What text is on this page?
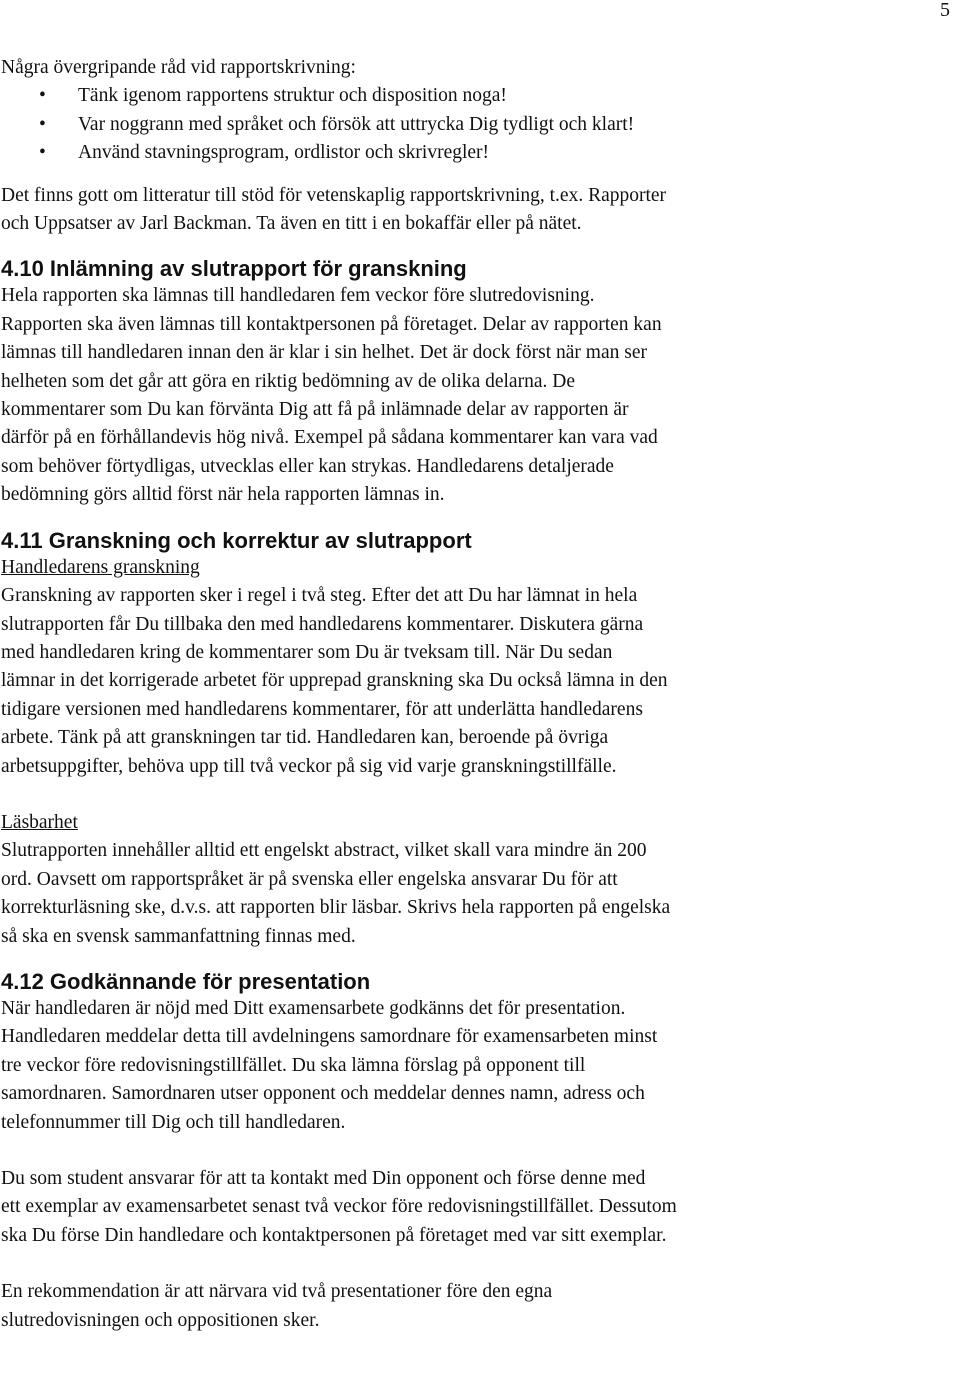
5

Några övergripande råd vid rapportskrivning:

• Tänk igenom rapportens struktur och disposition noga!
• Var noggrann med språket och försök att uttrycka Dig tydligt och klart!
• Använd stavningsprogram, ordlistor och skrivregler!

Det finns gott om litteratur till stöd för vetenskaplig rapportskrivning, t.ex. Rapporter

och Uppsatser av Jarl Backman. Ta även en titt i en bokaffär eller på nätet.

4.10 Inlämning av slutrapport för granskning

Hela rapporten ska lämnas till handledaren fem veckor före slutredovisning.

Rapporten ska även lämnas till kontaktpersonen på företaget. Delar av rapporten kan

lämnas till handledaren innan den är klar i sin helhet. Det är dock först när man ser

helheten som det går att göra en riktig bedömning av de olika delarna. De

kommentarer som Du kan förvänta Dig att få på inlämnade delar av rapporten är

därför på en förhållandevis hög nivå. Exempel på sådana kommentarer kan vara vad

som behöver förtydligas, utvecklas eller kan strykas. Handledarens detaljerade

bedömning görs alltid först när hela rapporten lämnas in.

4.11 Granskning och korrektur av slutrapport

Handledarens granskning

Granskning av rapporten sker i regel i två steg. Efter det att Du har lämnat in hela

slutrapporten får Du tillbaka den med handledarens kommentarer. Diskutera gärna

med handledaren kring de kommentarer som Du är tveksam till. När Du sedan

lämnar in det korrigerade arbetet för upprepad granskning ska Du också lämna in den

tidigare versionen med handledarens kommentarer, för att underlätta handledarens

arbete. Tänk på att granskningen tar tid. Handledaren kan, beroende på övriga

arbetsuppgifter, behöva upp till två veckor på sig vid varje granskningstillfälle.

Läsbarhet

Slutrapporten innehåller alltid ett engelskt abstract, vilket skall vara mindre än 200

ord. Oavsett om rapportspråket är på svenska eller engelska ansvarar Du för att

korrekturläsning ske, d.v.s. att rapporten blir läsbar. Skrivs hela rapporten på engelska

så ska en svensk sammanfattning finnas med.

4.12 Godkännande för presentation

När handledaren är nöjd med Ditt examensarbete godkänns det för presentation.

Handledaren meddelar detta till avdelningens samordnare för examensarbeten minst

tre veckor före redovisningstillfället. Du ska lämna förslag på opponent till

samordnaren. Samordnaren utser opponent och meddelar dennes namn, adress och

telefonnummer till Dig och till handledaren.

Du som student ansvarar för att ta kontakt med Din opponent och förse denne med

ett exemplar av examensarbetet senast två veckor före redovisningstillfället. Dessutom

ska Du förse Din handledare och kontaktpersonen på företaget med var sitt exemplar.

En rekommendation är att närvara vid två presentationer före den egna

slutredovisningen och oppositionen sker.
